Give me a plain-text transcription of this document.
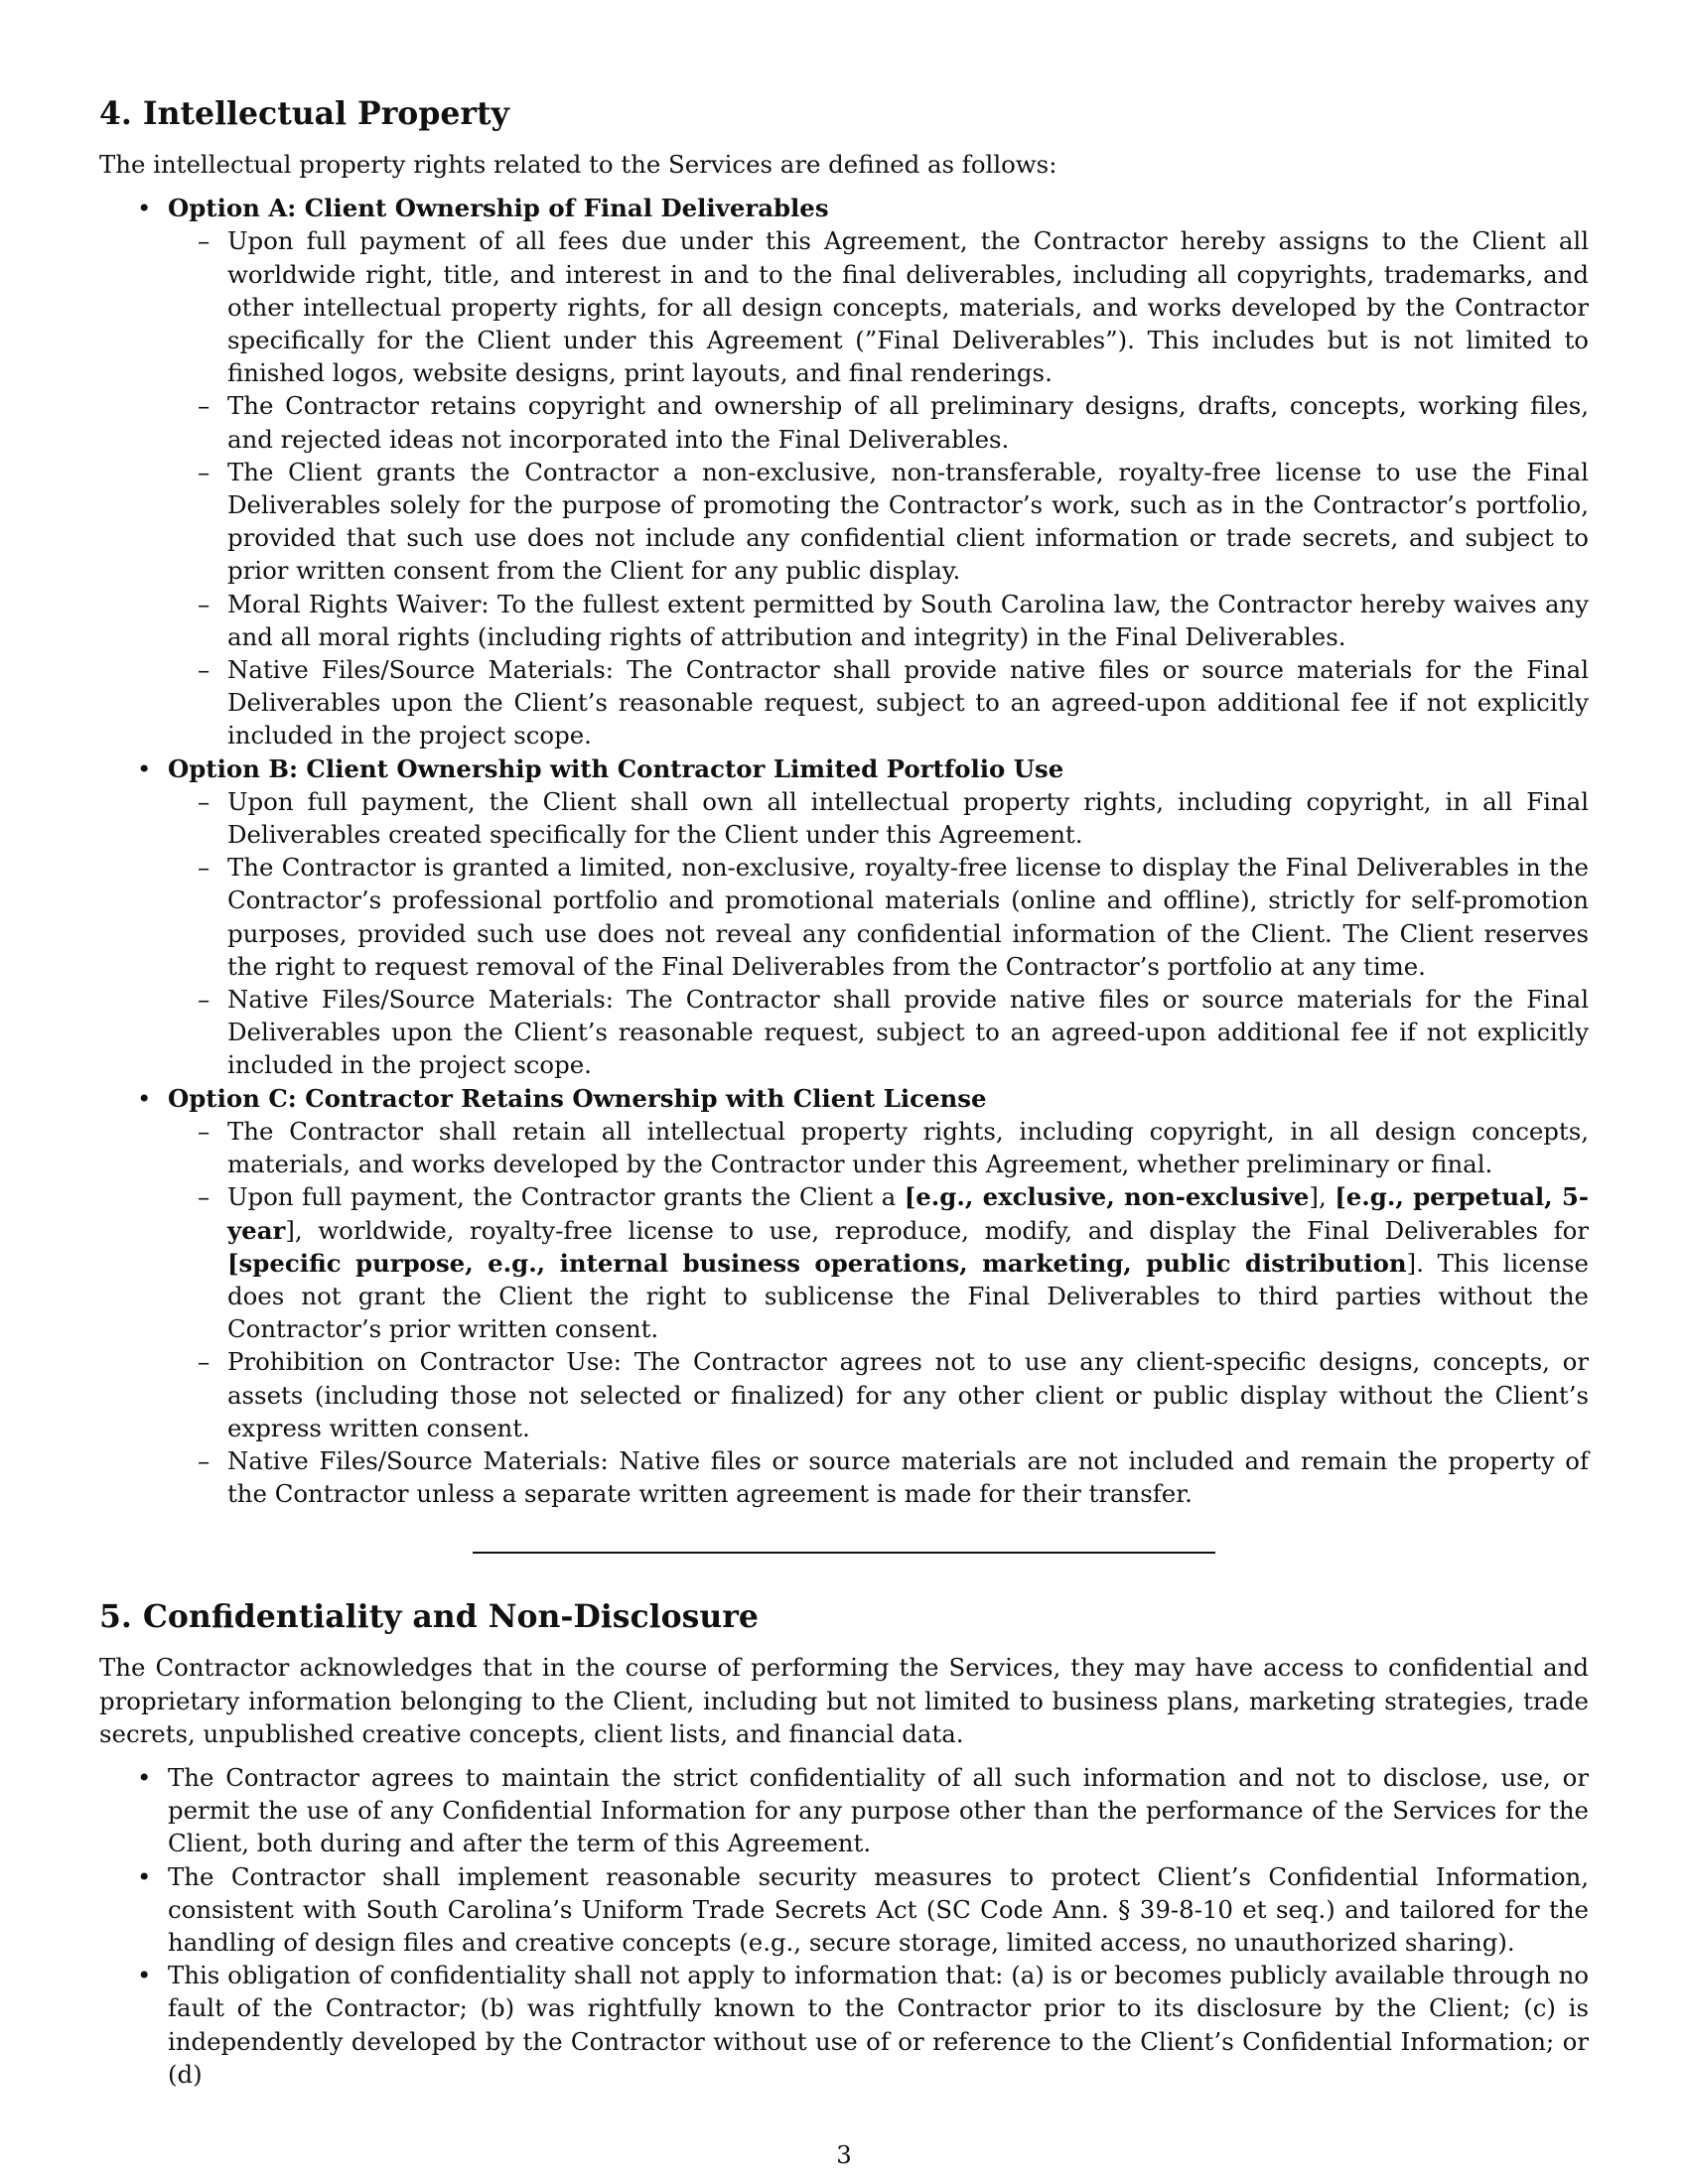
4. Intellectual Property

The intellectual property rights related to the Services are defined as follows:

• Option A: Client Ownership of Final Deliverables
– Upon full payment of all fees due under this Agreement, the Contractor hereby assigns to the Client all worldwide right, title, and interest in and to the final deliverables, including all copyrights, trademarks, and other intellectual property rights, for all design concepts, materials, and works developed by the Contractor specifically for the Client under this Agreement (”Final Deliverables”). This includes but is not limited to finished logos, website designs, print layouts, and final renderings.
– The Contractor retains copyright and ownership of all preliminary designs, drafts, concepts, working files, and rejected ideas not incorporated into the Final Deliverables.
– The Client grants the Contractor a non-exclusive, non-transferable, royalty-free license to use the Final Deliverables solely for the purpose of promoting the Contractor’s work, such as in the Contractor’s portfolio, provided that such use does not include any confidential client information or trade secrets, and subject to prior written consent from the Client for any public display.
– Moral Rights Waiver: To the fullest extent permitted by South Carolina law, the Contractor hereby waives any and all moral rights (including rights of attribution and integrity) in the Final Deliverables.
– Native Files/Source Materials: The Contractor shall provide native files or source materials for the Final Deliverables upon the Client’s reasonable request, subject to an agreed-upon additional fee if not explicitly included in the project scope.
• Option B: Client Ownership with Contractor Limited Portfolio Use
– Upon full payment, the Client shall own all intellectual property rights, including copyright, in all Final Deliverables created specifically for the Client under this Agreement.
– The Contractor is granted a limited, non-exclusive, royalty-free license to display the Final Deliverables in the Contractor’s professional portfolio and promotional materials (online and offline), strictly for self-promotion purposes, provided such use does not reveal any confidential information of the Client. The Client reserves the right to request removal of the Final Deliverables from the Contractor’s portfolio at any time.
– Native Files/Source Materials: The Contractor shall provide native files or source materials for the Final Deliverables upon the Client’s reasonable request, subject to an agreed-upon additional fee if not explicitly included in the project scope.
• Option C: Contractor Retains Ownership with Client License
– The Contractor shall retain all intellectual property rights, including copyright, in all design concepts, materials, and works developed by the Contractor under this Agreement, whether preliminary or final.
– Upon full payment, the Contractor grants the Client a [e.g., exclusive, non-exclusive], [e.g., perpetual, 5-year], worldwide, royalty-free license to use, reproduce, modify, and display the Final Deliverables for [specific purpose, e.g., internal business operations, marketing, public distribution]. This license does not grant the Client the right to sublicense the Final Deliverables to third parties without the Contractor’s prior written consent.
– Prohibition on Contractor Use: The Contractor agrees not to use any client-specific designs, concepts, or assets (including those not selected or finalized) for any other client or public display without the Client’s express written consent.
– Native Files/Source Materials: Native files or source materials are not included and remain the property of the Contractor unless a separate written agreement is made for their transfer.
5. Confidentiality and Non-Disclosure

The Contractor acknowledges that in the course of performing the Services, they may have access to confidential and proprietary information belonging to the Client, including but not limited to business plans, marketing strategies, trade secrets, unpublished creative concepts, client lists, and financial data.

• The Contractor agrees to maintain the strict confidentiality of all such information and not to disclose, use, or permit the use of any Confidential Information for any purpose other than the performance of the Services for the Client, both during and after the term of this Agreement.
• The Contractor shall implement reasonable security measures to protect Client’s Confidential Information, consistent with South Carolina’s Uniform Trade Secrets Act (SC Code Ann. § 39-8-10 et seq.) and tailored for the handling of design files and creative concepts (e.g., secure storage, limited access, no unauthorized sharing).
• This obligation of confidentiality shall not apply to information that: (a) is or becomes publicly available through no fault of the Contractor; (b) was rightfully known to the Contractor prior to its disclosure by the Client; (c) is independently developed by the Contractor without use of or reference to the Client’s Confidential Information; or (d)
3
